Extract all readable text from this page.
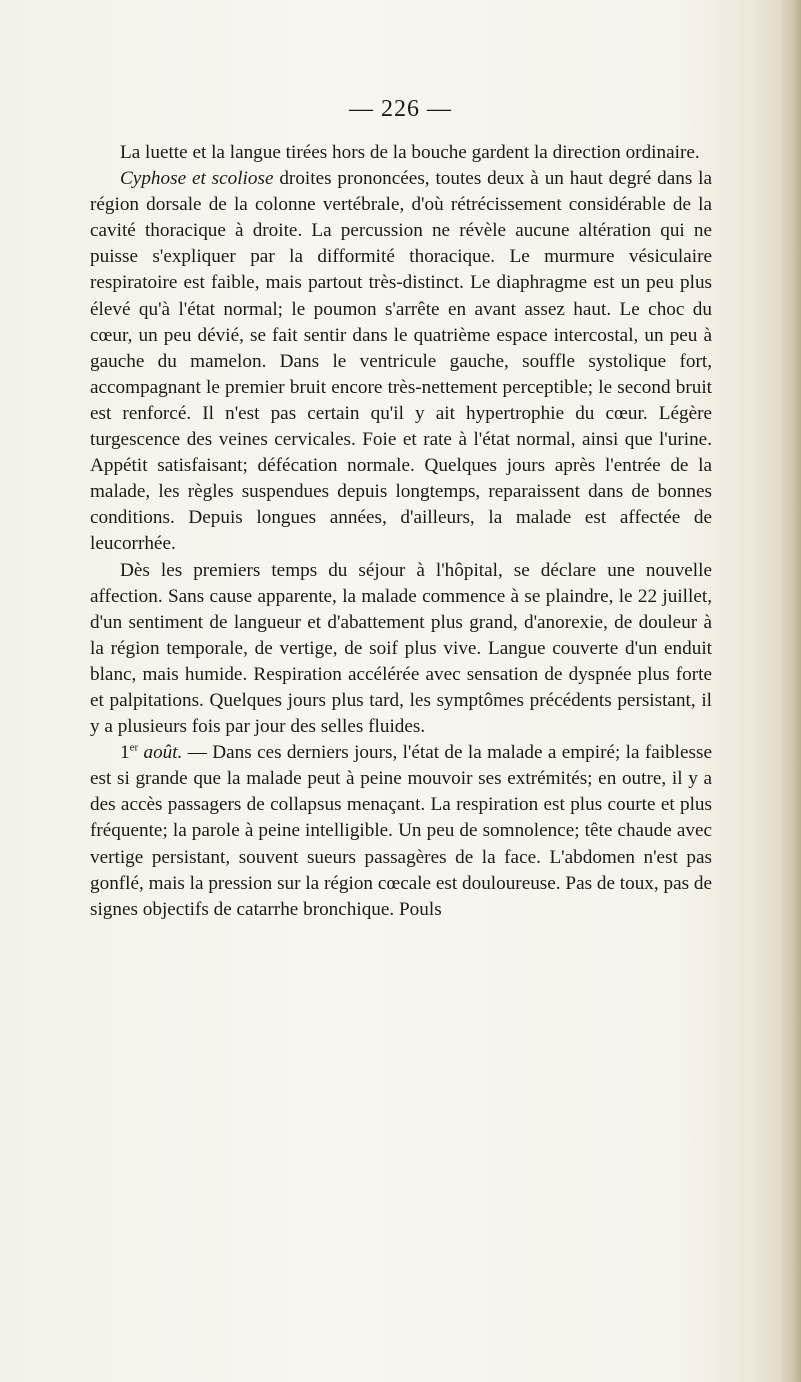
— 226 —

La luette et la langue tirées hors de la bouche gardent la direction ordinaire.

Cyphose et scoliose droites prononcées, toutes deux à un haut degré dans la région dorsale de la colonne vertébrale, d'où rétrécissement considérable de la cavité thoracique à droite. La percussion ne révèle aucune altération qui ne puisse s'expliquer par la difformité thoracique. Le murmure vésiculaire respiratoire est faible, mais partout très-distinct. Le diaphragme est un peu plus élevé qu'à l'état normal; le poumon s'arrête en avant assez haut. Le choc du cœur, un peu dévié, se fait sentir dans le quatrième espace intercostal, un peu à gauche du mamelon. Dans le ventricule gauche, souffle systolique fort, accompagnant le premier bruit encore très-nettement perceptible; le second bruit est renforcé. Il n'est pas certain qu'il y ait hypertrophie du cœur. Légère turgescence des veines cervicales. Foie et rate à l'état normal, ainsi que l'urine. Appétit satisfaisant; défécation normale. Quelques jours après l'entrée de la malade, les règles suspendues depuis longtemps, reparaissent dans de bonnes conditions. Depuis longues années, d'ailleurs, la malade est affectée de leucorrhée.

Dès les premiers temps du séjour à l'hôpital, se déclare une nouvelle affection. Sans cause apparente, la malade commence à se plaindre, le 22 juillet, d'un sentiment de langueur et d'abattement plus grand, d'anorexie, de douleur à la région temporale, de vertige, de soif plus vive. Langue couverte d'un enduit blanc, mais humide. Respiration accélérée avec sensation de dyspnée plus forte et palpitations. Quelques jours plus tard, les symptômes précédents persistant, il y a plusieurs fois par jour des selles fluides.

1er août. — Dans ces derniers jours, l'état de la malade a empiré; la faiblesse est si grande que la malade peut à peine mouvoir ses extrémités; en outre, il y a des accès passagers de collapsus menaçant. La respiration est plus courte et plus fréquente; la parole à peine intelligible. Un peu de somnolence; tête chaude avec vertige persistant, souvent sueurs passagères de la face. L'abdomen n'est pas gonflé, mais la pression sur la région cœcale est douloureuse. Pas de toux, pas de signes objectifs de catarrhe bronchique. Pouls
